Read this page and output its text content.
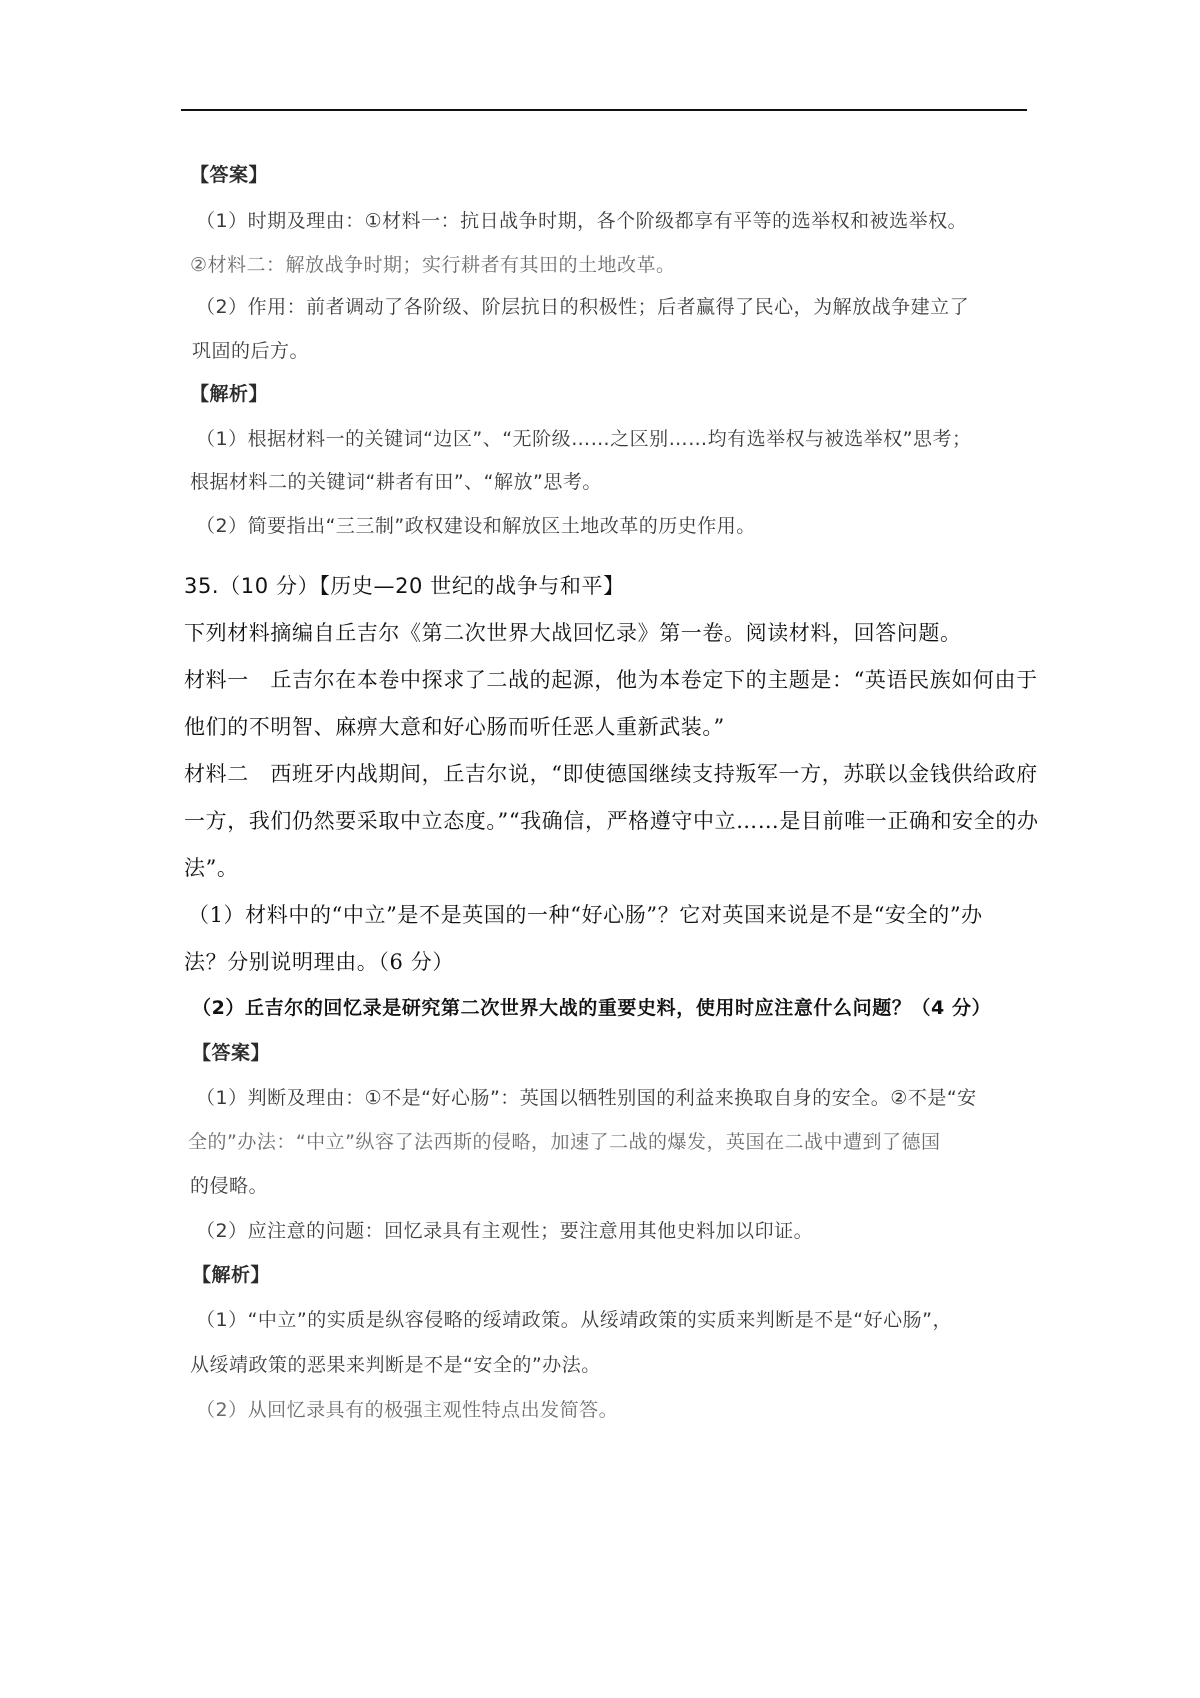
【答案】
（1）时期及理由：①材料一：抗日战争时期，各个阶级都享有平等的选举权和被选举权。
②材料二：解放战争时期；实行耕者有其田的土地改革。
（2）作用：前者调动了各阶级、阶层抗日的积极性；后者赢得了民心，为解放战争建立了
巩固的后方。
【解析】
（1）根据材料一的关键词“边区”、“无阶级……之区别……均有选举权与被选举权”思考；
根据材料二的关键词“耕者有田”、“解放”思考。
（2）简要指出“三三制”政权建设和解放区土地改革的历史作用。
35.（10 分）【历史—20 世纪的战争与和平】
下列材料摘编自丘吉尔《第二次世界大战回忆录》第一卷。阅读材料，回答问题。
材料一　丘吉尔在本卷中探求了二战的起源，他为本卷定下的主题是：“英语民族如何由于
他们的不明智、麻痹大意和好心肠而听任恶人重新武装。”
材料二　西班牙内战期间，丘吉尔说，“即使德国继续支持叛军一方，苏联以金钱供给政府
一方，我们仍然要采取中立态度。”“我确信，严格遵守中立……是目前唯一正确和安全的办
法”。
（1）材料中的“中立”是不是英国的一种“好心肠”？它对英国来说是不是“安全的”办
法？分别说明理由。（6 分）
（2）丘吉尔的回忆录是研究第二次世界大战的重要史料，使用时应注意什么问题？（4 分）
【答案】
（1）判断及理由：①不是“好心肠”：英国以牺牲别国的利益来换取自身的安全。②不是“安
全的”办法：“中立”纵容了法西斯的侵略，加速了二战的爆发，英国在二战中遭到了德国
的侵略。
（2）应注意的问题：回忆录具有主观性；要注意用其他史料加以印证。
【解析】
（1）“中立”的实质是纵容侵略的绥靖政策。从绥靖政策的实质来判断是不是“好心肠”，
从绥靖政策的恶果来判断是不是“安全的”办法。
（2）从回忆录具有的极强主观性特点出发简答。
